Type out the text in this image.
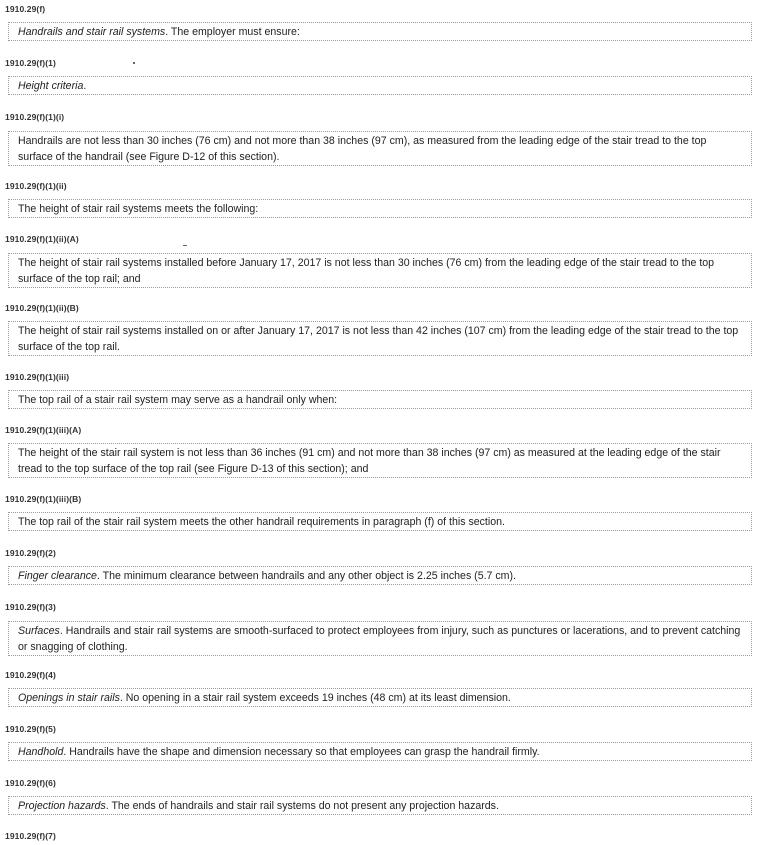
1910.29(f)
Handrails and stair rail systems. The employer must ensure:
1910.29(f)(1)
Height criteria.
1910.29(f)(1)(i)
Handrails are not less than 30 inches (76 cm) and not more than 38 inches (97 cm), as measured from the leading edge of the stair tread to the top surface of the handrail (see Figure D-12 of this section).
1910.29(f)(1)(ii)
The height of stair rail systems meets the following:
1910.29(f)(1)(ii)(A)
The height of stair rail systems installed before January 17, 2017 is not less than 30 inches (76 cm) from the leading edge of the stair tread to the top surface of the top rail; and
1910.29(f)(1)(ii)(B)
The height of stair rail systems installed on or after January 17, 2017 is not less than 42 inches (107 cm) from the leading edge of the stair tread to the top surface of the top rail.
1910.29(f)(1)(iii)
The top rail of a stair rail system may serve as a handrail only when:
1910.29(f)(1)(iii)(A)
The height of the stair rail system is not less than 36 inches (91 cm) and not more than 38 inches (97 cm) as measured at the leading edge of the stair tread to the top surface of the top rail (see Figure D-13 of this section); and
1910.29(f)(1)(iii)(B)
The top rail of the stair rail system meets the other handrail requirements in paragraph (f) of this section.
1910.29(f)(2)
Finger clearance. The minimum clearance between handrails and any other object is 2.25 inches (5.7 cm).
1910.29(f)(3)
Surfaces. Handrails and stair rail systems are smooth-surfaced to protect employees from injury, such as punctures or lacerations, and to prevent catching or snagging of clothing.
1910.29(f)(4)
Openings in stair rails. No opening in a stair rail system exceeds 19 inches (48 cm) at its least dimension.
1910.29(f)(5)
Handhold. Handrails have the shape and dimension necessary so that employees can grasp the handrail firmly.
1910.29(f)(6)
Projection hazards. The ends of handrails and stair rail systems do not present any projection hazards.
1910.29(f)(7)
